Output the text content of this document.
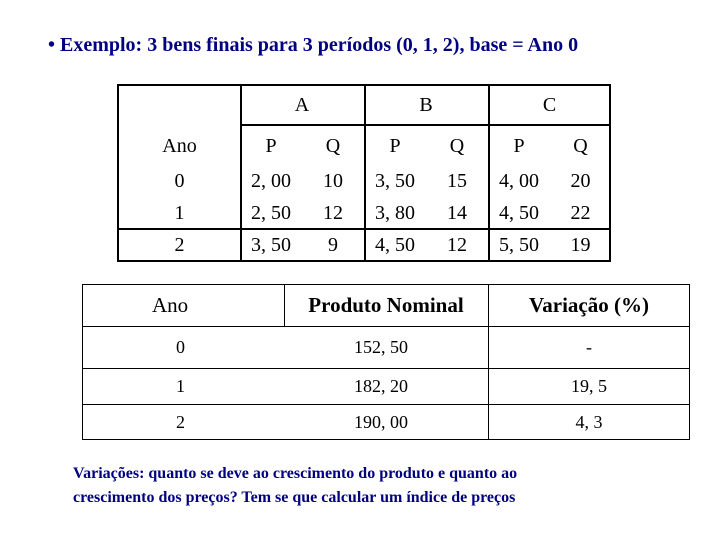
• Exemplo: 3 bens finais para 3 períodos (0, 1, 2), base = Ano 0
A	B	C
Ano	P	Q	P	Q	P	Q
0	2, 00	10	3, 50	15	4, 00	20
1	2, 50	12	3, 80	14	4, 50	22
2	3, 50	9	4, 50	12	5, 50	19
Ano	Produto Nominal	Variação (%)
0	152, 50	-
1	182, 20	19, 5
2	190, 00	4, 3
Variações: quanto se deve ao crescimento do produto e quanto ao
crescimento dos preços? Tem se que calcular um índice de preços
